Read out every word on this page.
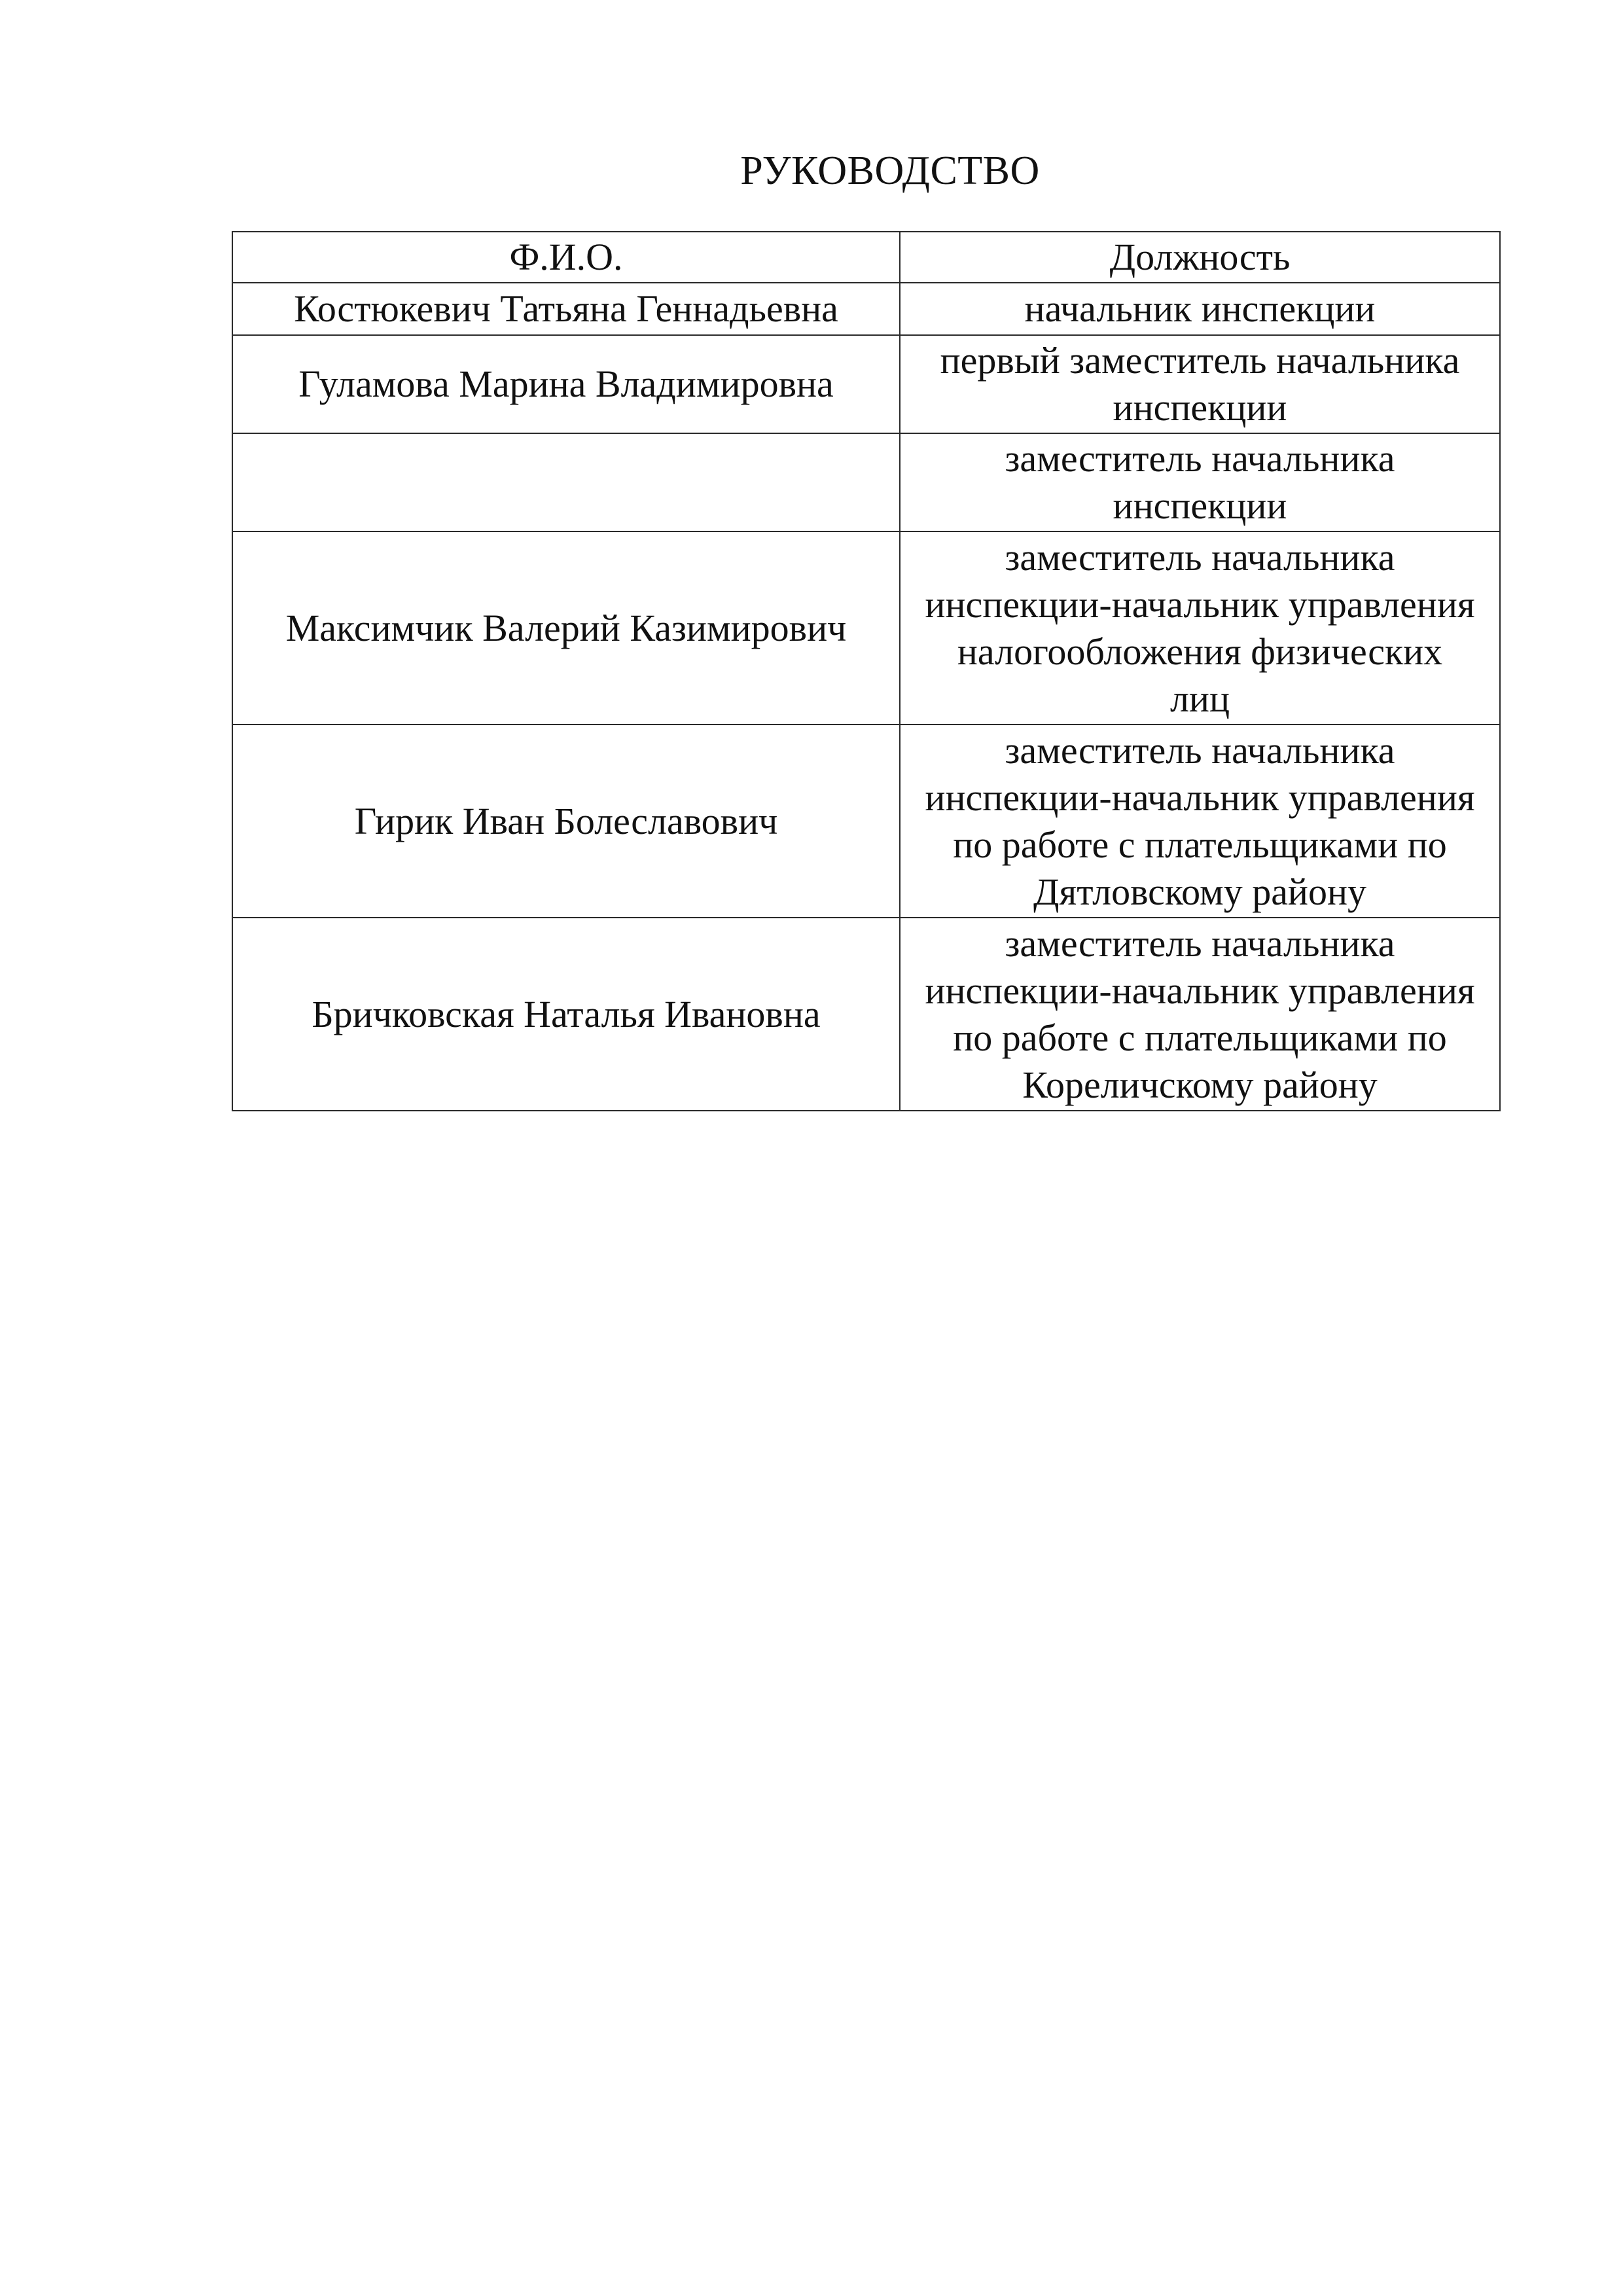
РУКОВОДСТВО
Ф.И.О.	Должность
Костюкевич Татьяна Геннадьевна	начальник инспекции
Гуламова Марина Владимировна	первый заместитель начальника
инспекции
	заместитель начальника
инспекции
Максимчик Валерий Казимирович	заместитель начальника
инспекции-начальник управления
налогообложения физических
лиц
Гирик Иван Болеславович	заместитель начальника
инспекции-начальник управления
по работе с плательщиками по
Дятловскому району
Бричковская Наталья Ивановна	заместитель начальника
инспекции-начальник управления
по работе с плательщиками по
Кореличскому району
